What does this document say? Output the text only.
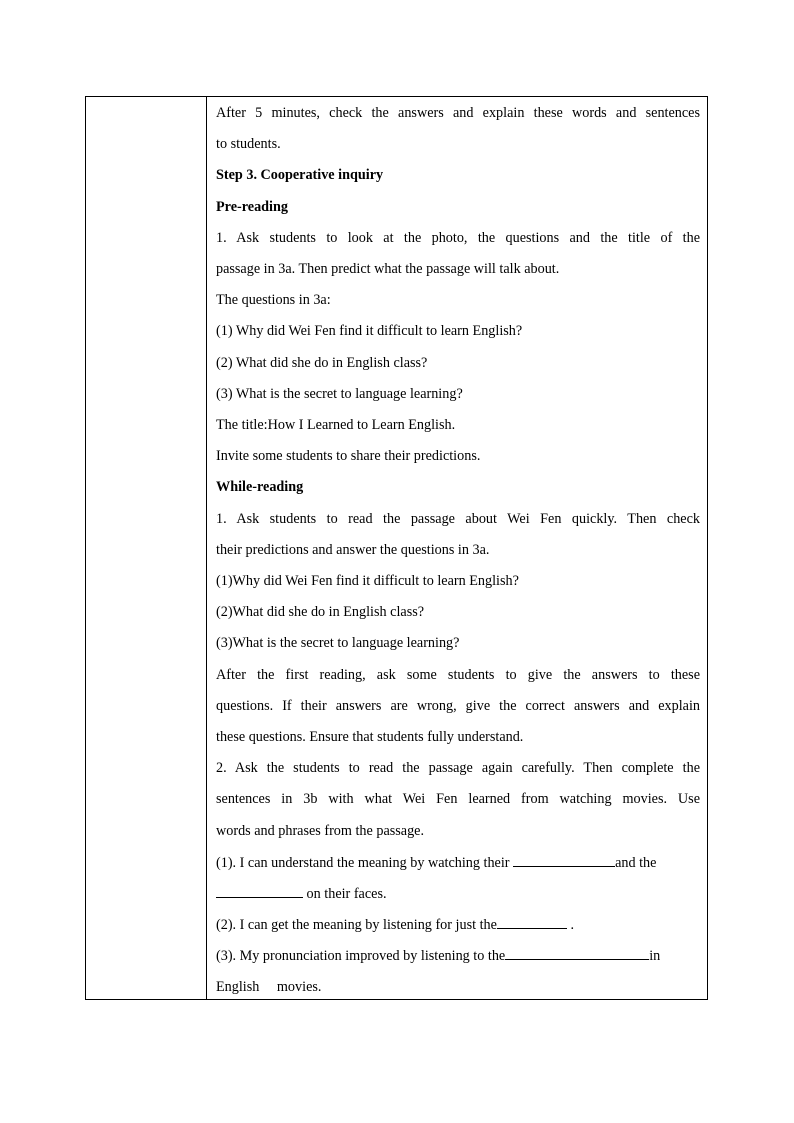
After 5 minutes, check the answers and explain these words and sentences
to students.
Step 3. Cooperative inquiry
Pre-reading
1. Ask students to look at the photo, the questions and the title of the
passage in 3a. Then predict what the passage will talk about.
The questions in 3a:
(1) Why did Wei Fen find it difficult to learn English?
(2) What did she do in English class?
(3) What is the secret to language learning?
The title:How I Learned to Learn English.
Invite some students to share their predictions.
While-reading
1. Ask students to read the passage about Wei Fen quickly. Then check
their predictions and answer the questions in 3a.
(1)Why did Wei Fen find it difficult to learn English?
(2)What did she do in English class?
(3)What is the secret to language learning?
After the first reading, ask some students to give the answers to these
questions. If their answers are wrong, give the correct answers and explain
these questions. Ensure that students fully understand.
2. Ask the students to read the passage again carefully. Then complete the
sentences in 3b with what Wei Fen learned from watching movies. Use
words and phrases from the passage.
(1). I can understand the meaning by watching their	and the
on their faces.
(2). I can get the meaning by listening for just the	.
(3). My pronunciation improved by listening to the	in
English movies.
